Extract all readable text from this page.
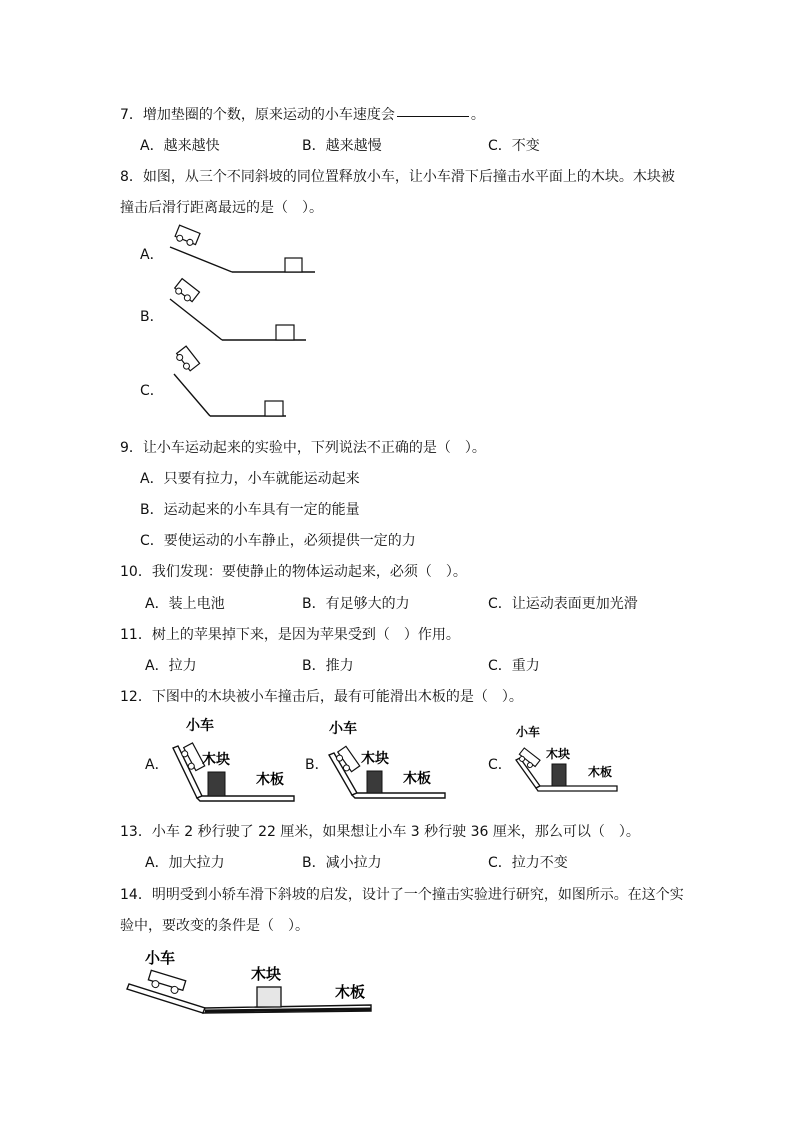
7．增加垫圈的个数，原来运动的小车速度会	。
A．越来越快	B．越来越慢	C．不变
8．如图，从三个不同斜坡的同位置释放小车，让小车滑下后撞击水平面上的木块。木块被
撞击后滑行距离最远的是（　）。
A．
B．
C．
9．让小车运动起来的实验中，下列说法不正确的是（　）。
A．只要有拉力，小车就能运动起来
B．运动起来的小车具有一定的能量
C．要使运动的小车静止，必须提供一定的力
10．我们发现：要使静止的物体运动起来，必须（　）。
A．装上电池	B．有足够大的力	C．让运动表面更加光滑
11．树上的苹果掉下来，是因为苹果受到（　）作用。
A．拉力	B．推力	C．重力
12．下图中的木块被小车撞击后，最有可能滑出木板的是（　）。
A．
小车
木块
木板
B．
小车
木块
木板
C．
小车
木块
木板
13．小车 2 秒行驶了 22 厘米，如果想让小车 3 秒行驶 36 厘米，那么可以（　）。
A．加大拉力	B．减小拉力	C．拉力不变
14．明明受到小轿车滑下斜坡的启发，设计了一个撞击实验进行研究，如图所示。在这个实
验中，要改变的条件是（　）。
小车
木块
木板
